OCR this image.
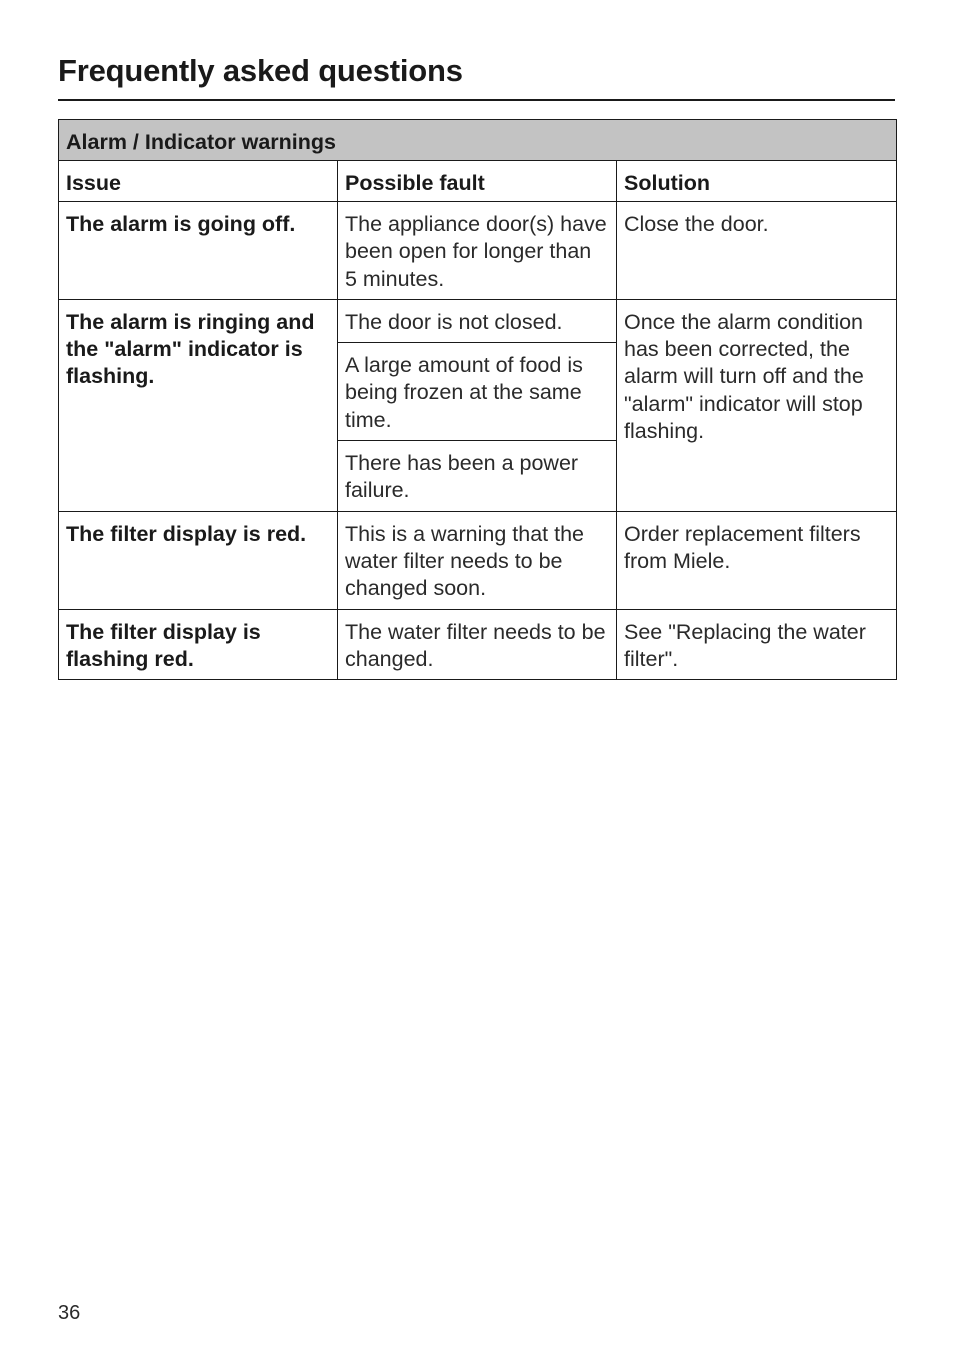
Frequently asked questions
Alarm / Indicator warnings		
Issue	Possible fault	Solution
The alarm is going off.	The appliance door(s) have been open for longer than 5 minutes.	Close the door.
The alarm is ringing and the "alarm" indicator is flashing.	The door is not closed.	Once the alarm condition has been corrected, the alarm will turn off and the "alarm" indicator will stop flashing.
	A large amount of food is being frozen at the same time.	
	There has been a power failure.	
The filter display is red.	This is a warning that the water filter needs to be changed soon.	Order replacement filters from Miele.
The filter display is flashing red.	The water filter needs to be changed.	See "Replacing the water filter".
36
